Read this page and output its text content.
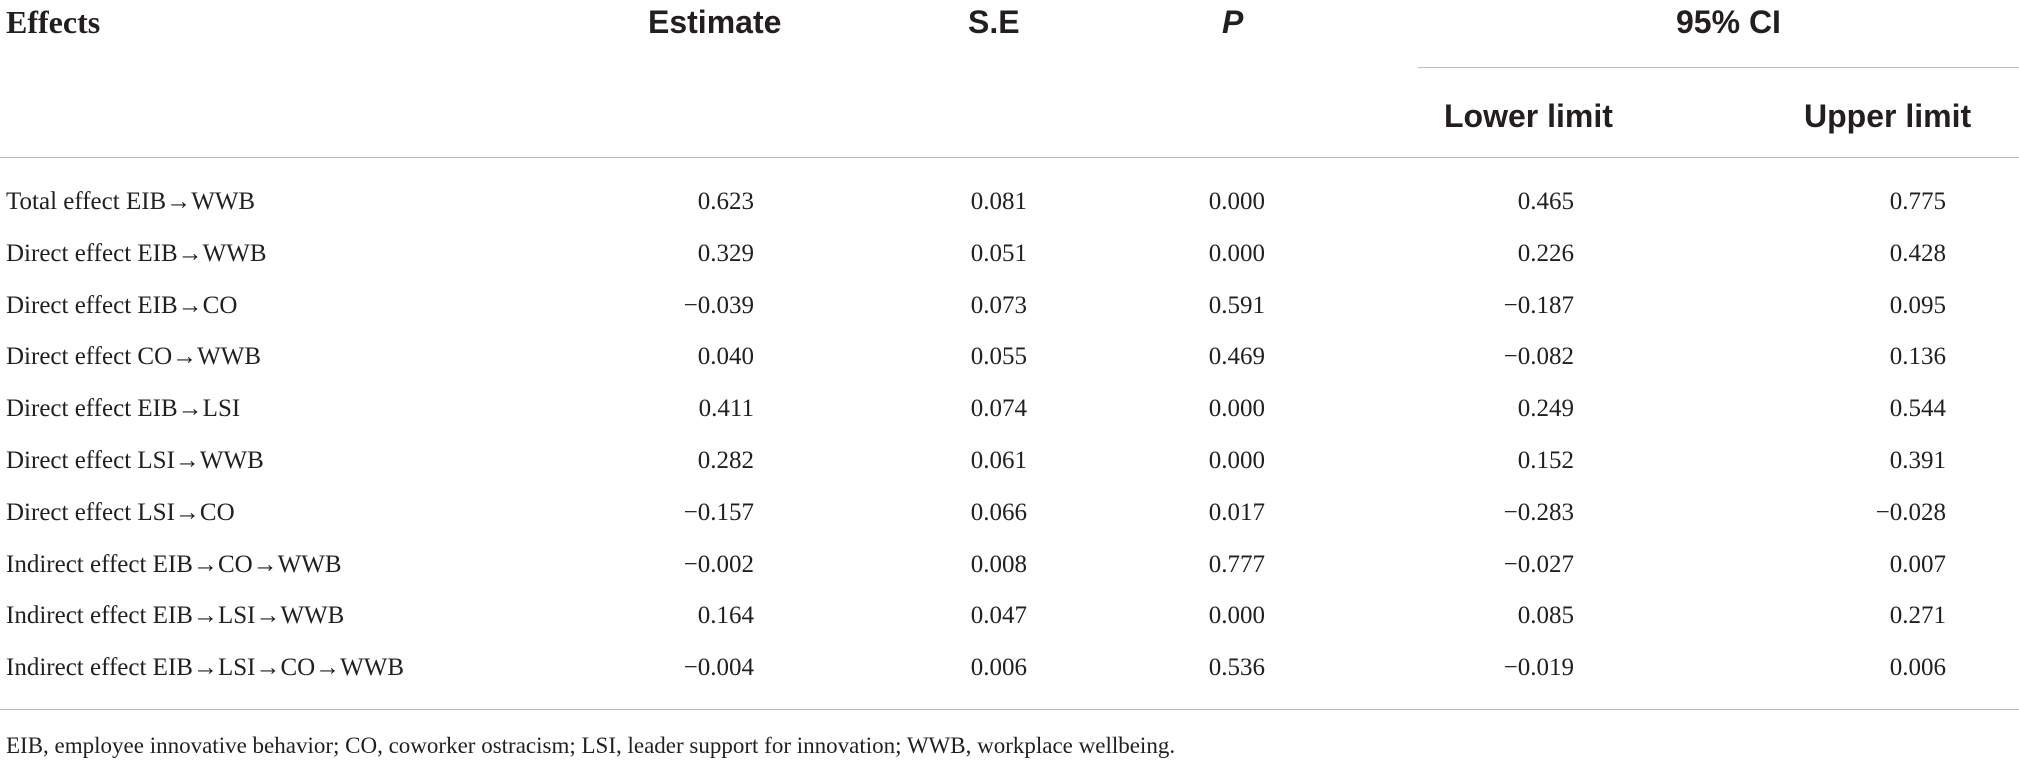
Effects	Estimate	S.E	P	95% CI
Lower limit	Upper limit
Total effect EIB→WWB	0.623	0.081	0.000	0.465	0.775
Direct effect EIB→WWB	0.329	0.051	0.000	0.226	0.428
Direct effect EIB→CO	−0.039	0.073	0.591	−0.187	0.095
Direct effect CO→WWB	0.040	0.055	0.469	−0.082	0.136
Direct effect EIB→LSI	0.411	0.074	0.000	0.249	0.544
Direct effect LSI→WWB	0.282	0.061	0.000	0.152	0.391
Direct effect LSI→CO	−0.157	0.066	0.017	−0.283	−0.028
Indirect effect EIB→CO→WWB	−0.002	0.008	0.777	−0.027	0.007
Indirect effect EIB→LSI→WWB	0.164	0.047	0.000	0.085	0.271
Indirect effect EIB→LSI→CO→WWB	−0.004	0.006	0.536	−0.019	0.006
EIB, employee innovative behavior; CO, coworker ostracism; LSI, leader support for innovation; WWB, workplace wellbeing.
